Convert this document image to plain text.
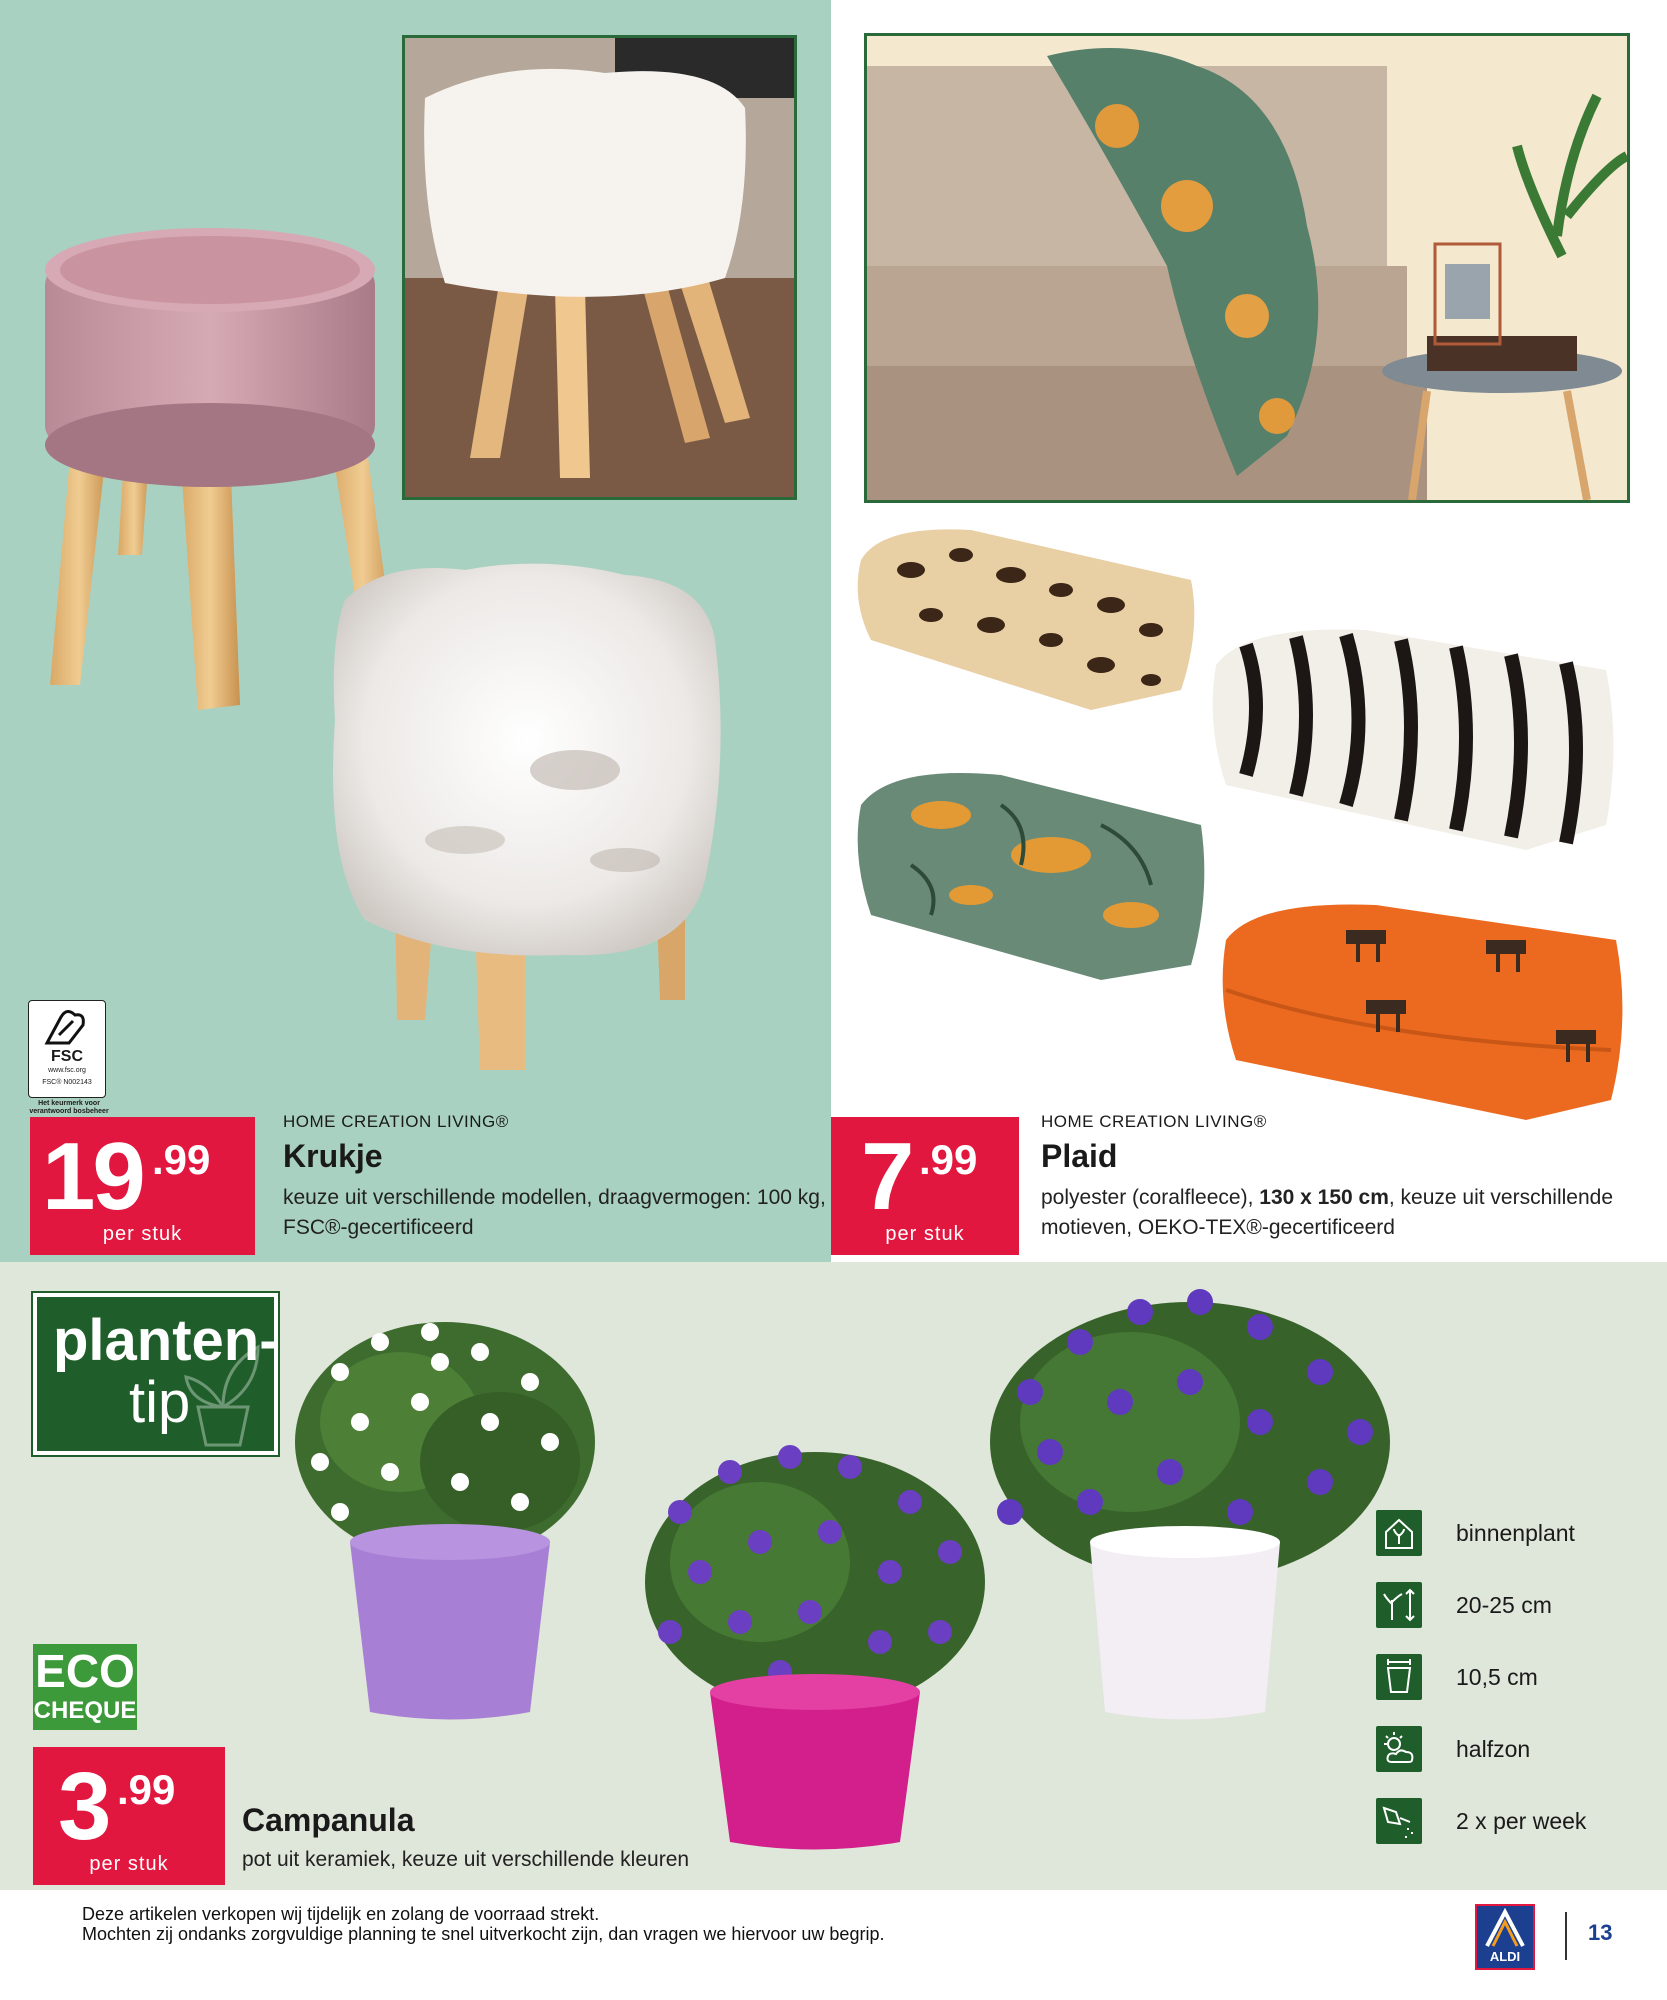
FSC
www.fsc.org
FSC® N002143
Het keurmerk voor
verantwoord bosbeheer
19 .99
per stuk
HOME CREATION LIVING®
Krukje
keuze uit verschillende modellen, draagvermogen: 100 kg,
FSC®-gecertificeerd	7 .99
per stuk
HOME CREATION LIVING®
Plaid
polyester (coralfleece), 130 x 150 cm, keuze uit verschillende
motieven, OEKO-TEX®-gecertificeerd
planten-
tip
ECO
CHEQUE
3 .99
per stuk
Campanula
pot uit keramiek, keuze uit verschillende kleuren
binnenplant
20-25 cm
10,5 cm
halfzon
2 x per week
Deze artikelen verkopen wij tijdelijk en zolang de voorraad strekt.
Mochten zij ondanks zorgvuldige planning te snel uitverkocht zijn, dan vragen we hiervoor uw begrip.
ALDI
13
